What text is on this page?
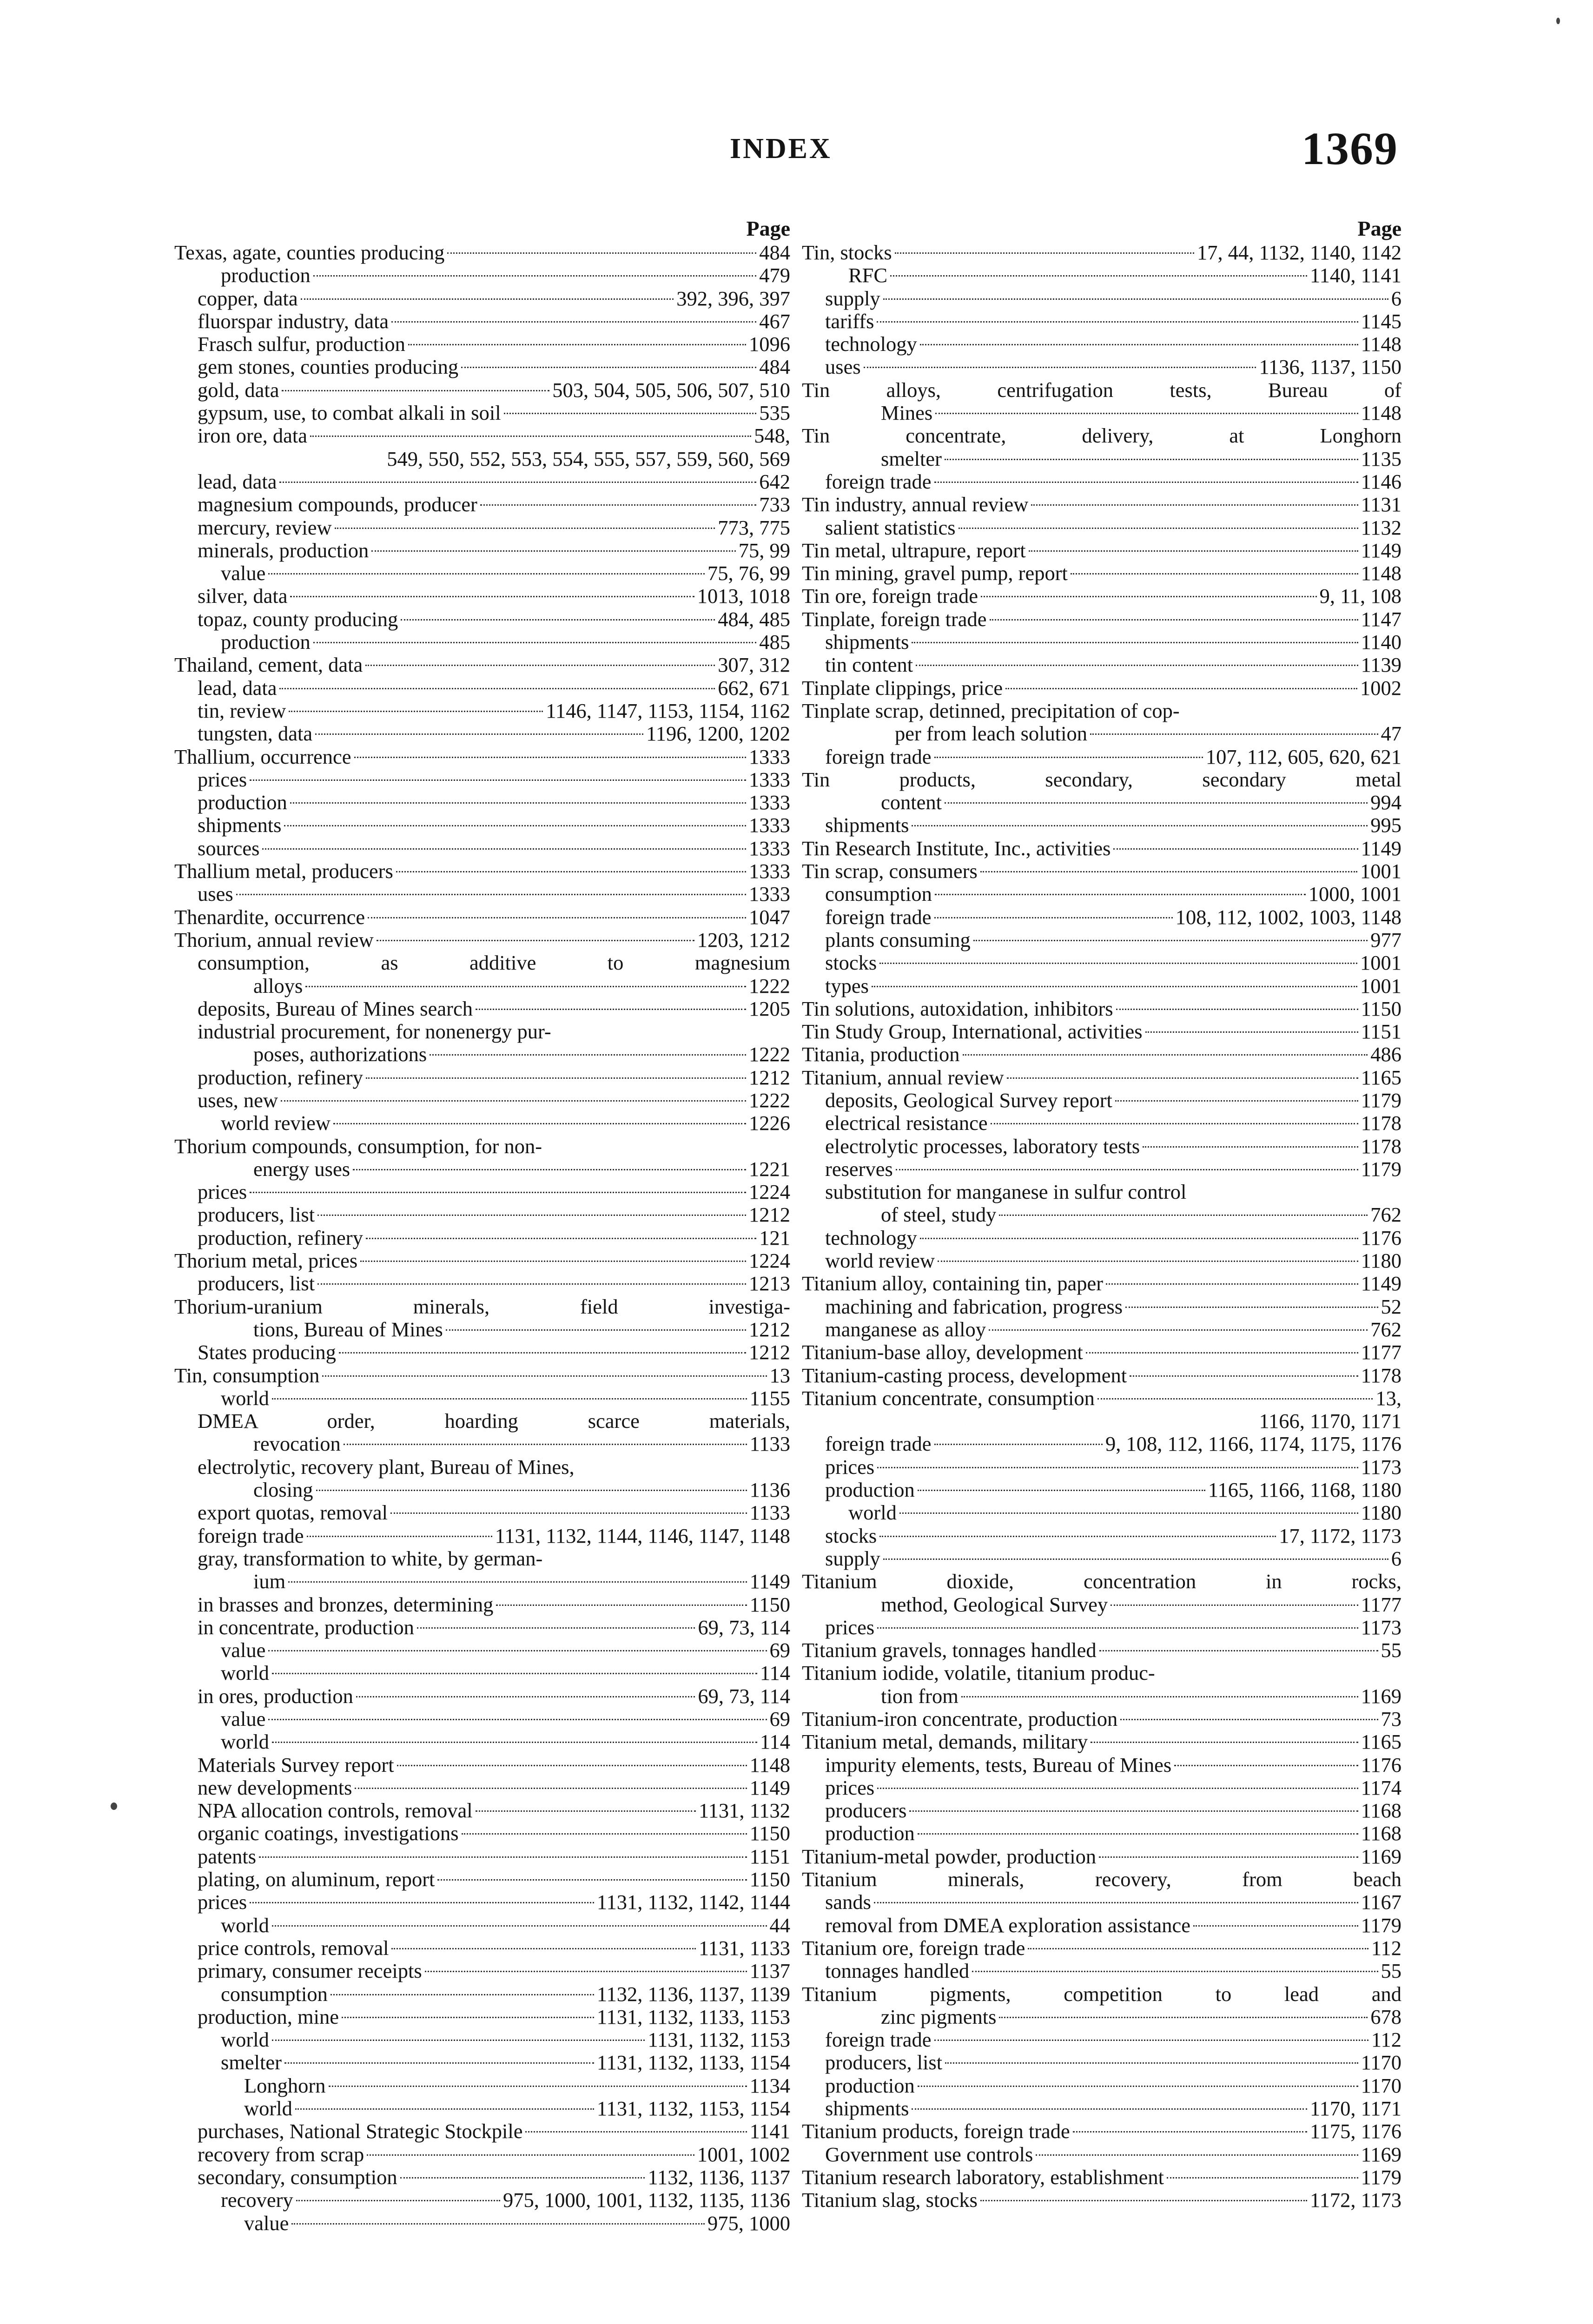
INDEX	1369
Page
Texas, agate, counties producing	484
production	479
copper, data	392, 396, 397
fluorspar industry, data	467
Frasch sulfur, production	1096
gem stones, counties producing	484
gold, data	503, 504, 505, 506, 507, 510
gypsum, use, to combat alkali in soil	535
iron ore, data	548,
549, 550, 552, 553, 554, 555, 557, 559, 560, 569
lead, data	642
magnesium compounds, producer	733
mercury, review	773, 775
minerals, production	75, 99
value	75, 76, 99
silver, data	1013, 1018
topaz, county producing	484, 485
production	485
Thailand, cement, data	307, 312
lead, data	662, 671
tin, review	1146, 1147, 1153, 1154, 1162
tungsten, data	1196, 1200, 1202
Thallium, occurrence	1333
prices	1333
production	1333
shipments	1333
sources	1333
Thallium metal, producers	1333
uses	1333
Thenardite, occurrence	1047
Thorium, annual review	1203, 1212
consumption, as additive to magnesium
alloys	1222
deposits, Bureau of Mines search	1205
industrial procurement, for nonenergy pur-
poses, authorizations	1222
production, refinery	1212
uses, new	1222
world review	1226
Thorium compounds, consumption, for non-
energy uses	1221
prices	1224
producers, list	1212
production, refinery	121
Thorium metal, prices	1224
producers, list	1213
Thorium-uranium minerals, field investiga-
tions, Bureau of Mines	1212
States producing	1212
Tin, consumption	13
world	1155
DMEA order, hoarding scarce materials,
revocation	1133
electrolytic, recovery plant, Bureau of Mines,
closing	1136
export quotas, removal	1133
foreign trade	1131, 1132, 1144, 1146, 1147, 1148
gray, transformation to white, by german-
ium	1149
in brasses and bronzes, determining	1150
in concentrate, production	69, 73, 114
value	69
world	114
in ores, production	69, 73, 114
value	69
world	114
Materials Survey report	1148
new developments	1149
NPA allocation controls, removal	1131, 1132
organic coatings, investigations	1150
patents	1151
plating, on aluminum, report	1150
prices	1131, 1132, 1142, 1144
world	44
price controls, removal	1131, 1133
primary, consumer receipts	1137
consumption	1132, 1136, 1137, 1139
production, mine	1131, 1132, 1133, 1153
world	1131, 1132, 1153
smelter	1131, 1132, 1133, 1154
Longhorn	1134
world	1131, 1132, 1153, 1154
purchases, National Strategic Stockpile	1141
recovery from scrap	1001, 1002
secondary, consumption	1132, 1136, 1137
recovery	975, 1000, 1001, 1132, 1135, 1136
value	975, 1000
Page
Tin, stocks	17, 44, 1132, 1140, 1142
RFC	1140, 1141
supply	6
tariffs	1145
technology	1148
uses	1136, 1137, 1150
Tin alloys, centrifugation tests, Bureau of
Mines	1148
Tin concentrate, delivery, at Longhorn
smelter	1135
foreign trade	1146
Tin industry, annual review	1131
salient statistics	1132
Tin metal, ultrapure, report	1149
Tin mining, gravel pump, report	1148
Tin ore, foreign trade	9, 11, 108
Tinplate, foreign trade	1147
shipments	1140
tin content	1139
Tinplate clippings, price	1002
Tinplate scrap, detinned, precipitation of cop-
per from leach solution	47
foreign trade	107, 112, 605, 620, 621
Tin products, secondary, secondary metal
content	994
shipments	995
Tin Research Institute, Inc., activities	1149
Tin scrap, consumers	1001
consumption	1000, 1001
foreign trade	108, 112, 1002, 1003, 1148
plants consuming	977
stocks	1001
types	1001
Tin solutions, autoxidation, inhibitors	1150
Tin Study Group, International, activities	1151
Titania, production	486
Titanium, annual review	1165
deposits, Geological Survey report	1179
electrical resistance	1178
electrolytic processes, laboratory tests	1178
reserves	1179
substitution for manganese in sulfur control
of steel, study	762
technology	1176
world review	1180
Titanium alloy, containing tin, paper	1149
machining and fabrication, progress	52
manganese as alloy	762
Titanium-base alloy, development	1177
Titanium-casting process, development	1178
Titanium concentrate, consumption	13,
1166, 1170, 1171
foreign trade	9, 108, 112, 1166, 1174, 1175, 1176
prices	1173
production	1165, 1166, 1168, 1180
world	1180
stocks	17, 1172, 1173
supply	6
Titanium dioxide, concentration in rocks,
method, Geological Survey	1177
prices	1173
Titanium gravels, tonnages handled	55
Titanium iodide, volatile, titanium produc-
tion from	1169
Titanium-iron concentrate, production	73
Titanium metal, demands, military	1165
impurity elements, tests, Bureau of Mines	1176
prices	1174
producers	1168
production	1168
Titanium-metal powder, production	1169
Titanium minerals, recovery, from beach
sands	1167
removal from DMEA exploration assistance	1179
Titanium ore, foreign trade	112
tonnages handled	55
Titanium pigments, competition to lead and
zinc pigments	678
foreign trade	112
producers, list	1170
production	1170
shipments	1170, 1171
Titanium products, foreign trade	1175, 1176
Government use controls	1169
Titanium research laboratory, establishment	1179
Titanium slag, stocks	1172, 1173
